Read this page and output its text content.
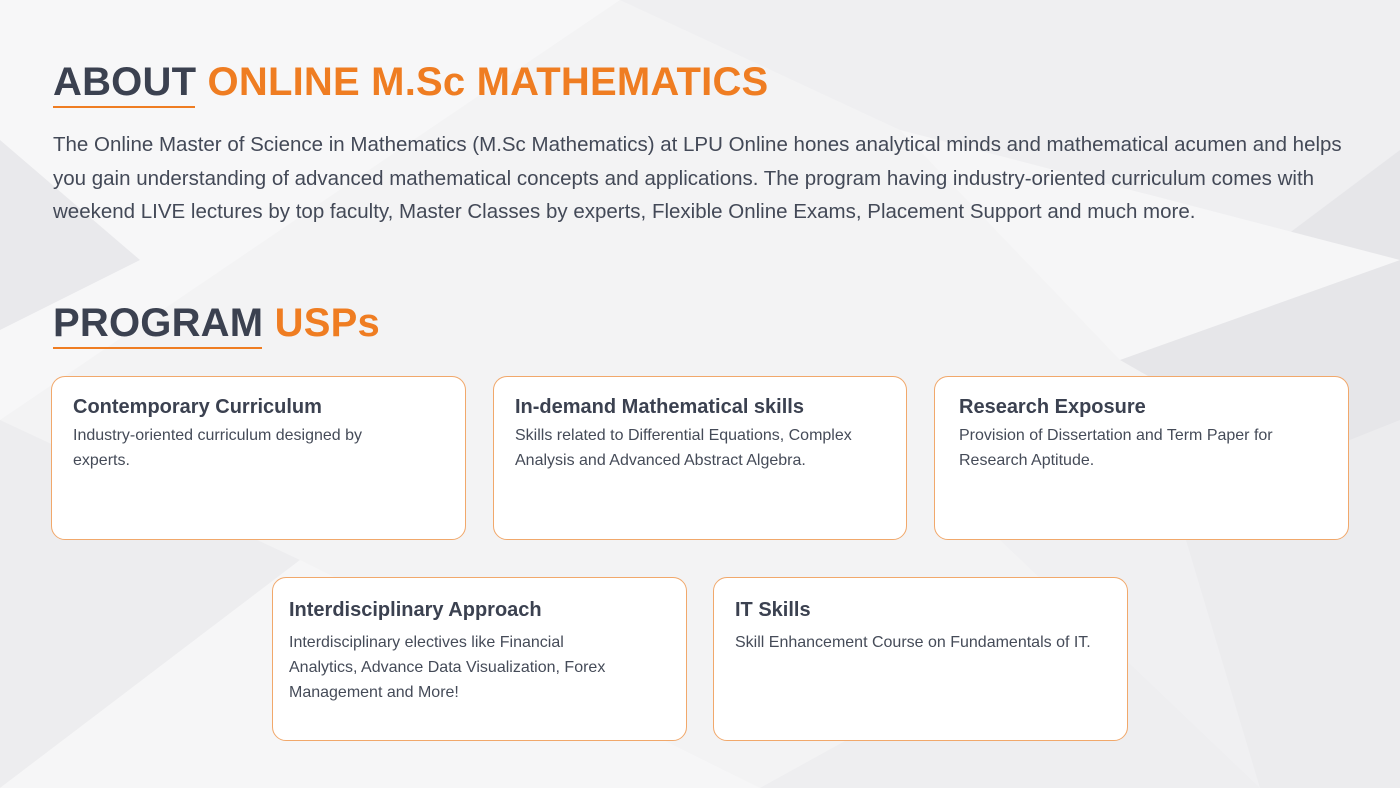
ABOUT ONLINE M.Sc MATHEMATICS

The Online Master of Science in Mathematics (M.Sc Mathematics) at LPU Online hones analytical minds and mathematical acumen and helps you gain understanding of advanced mathematical concepts and applications. The program having industry-oriented curriculum comes with weekend LIVE lectures by top faculty, Master Classes by experts, Flexible Online Exams, Placement Support and much more.

PROGRAM USPs
Contemporary Curriculum

Industry-oriented curriculum designed by experts.

In-demand Mathematical skills

Skills related to Differential Equations, Complex Analysis and Advanced Abstract Algebra.

Research Exposure

Provision of Dissertation and Term Paper for Research Aptitude.

Interdisciplinary Approach

Interdisciplinary electives like Financial Analytics, Advance Data Visualization, Forex Management and More!

IT Skills

Skill Enhancement Course on Fundamentals of IT.
